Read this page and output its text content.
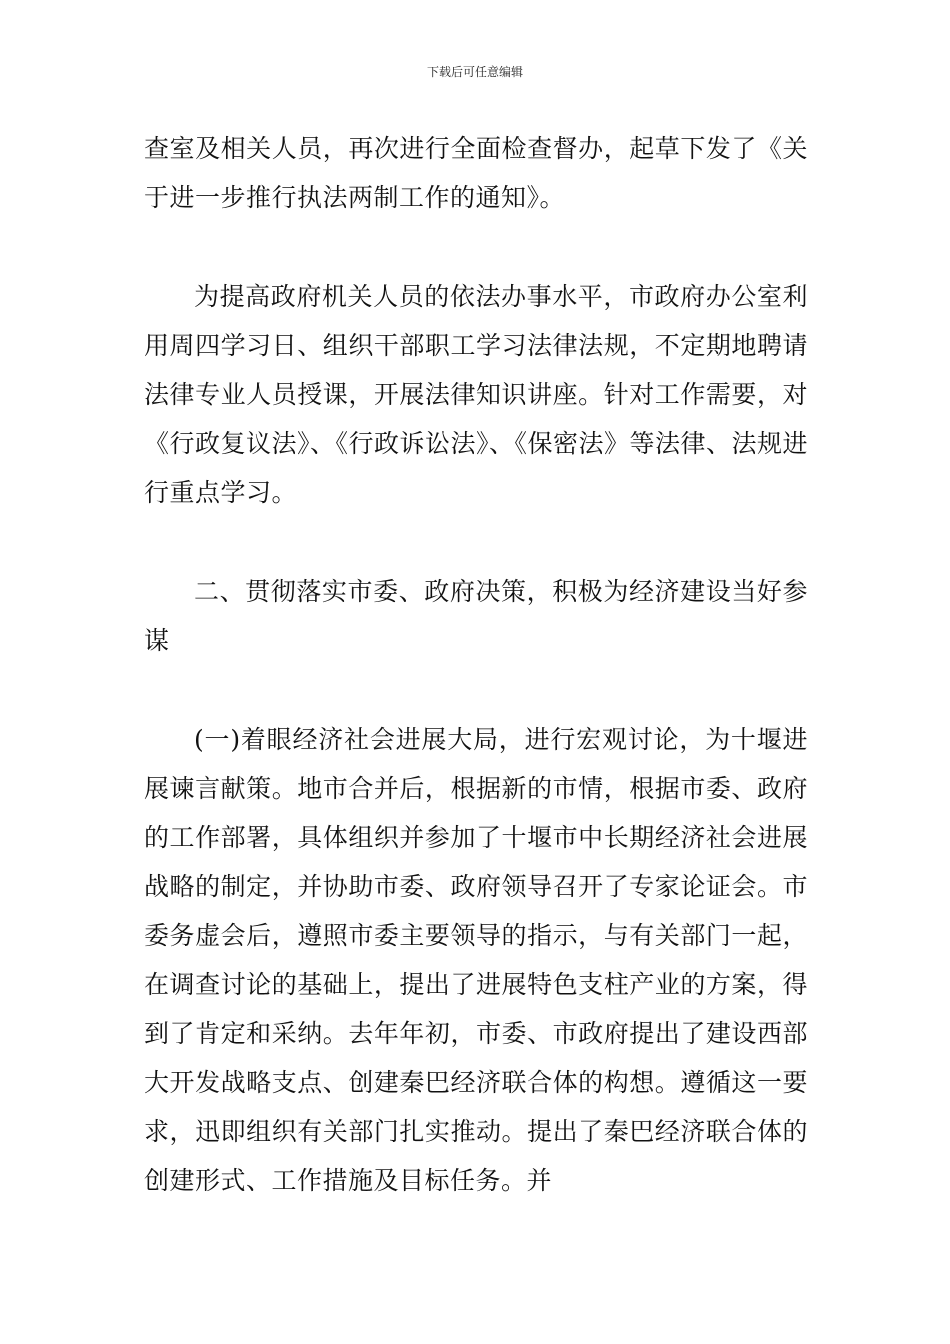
下载后可任意编辑

查室及相关人员，再次进行全面检查督办，起草下发了《关于进一步推行执法两制工作的通知》。

为提高政府机关人员的依法办事水平，市政府办公室利用周四学习日、组织干部职工学习法律法规，不定期地聘请法律专业人员授课，开展法律知识讲座。针对工作需要，对《行政复议法》、《行政诉讼法》、《保密法》等法律、法规进行重点学习。

二、贯彻落实市委、政府决策，积极为经济建设当好参谋

(一)着眼经济社会进展大局，进行宏观讨论，为十堰进展谏言献策。地市合并后，根据新的市情，根据市委、政府的工作部署，具体组织并参加了十堰市中长期经济社会进展战略的制定，并协助市委、政府领导召开了专家论证会。市委务虚会后，遵照市委主要领导的指示，与有关部门一起，在调查讨论的基础上，提出了进展特色支柱产业的方案，得到了肯定和采纳。去年年初，市委、市政府提出了建设西部大开发战略支点、创建秦巴经济联合体的构想。遵循这一要求，迅即组织有关部门扎实推动。提出了秦巴经济联合体的创建形式、工作措施及目标任务。并
